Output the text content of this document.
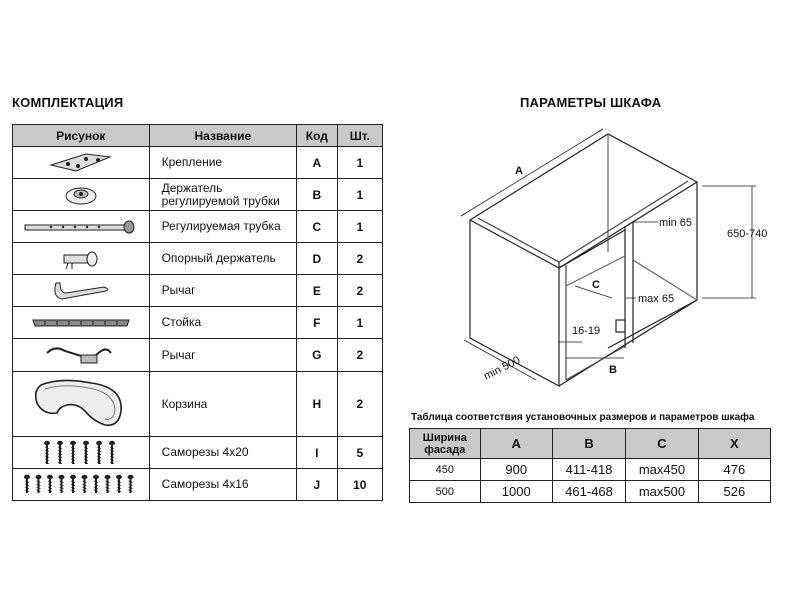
КОМПЛЕКТАЦИЯ	ПАРАМЕТРЫ ШКАФА
Рисунок	Название	Код	Шт.

	Крепление	A	1

	Держатель
регулируемой трубки	B	1

	Регулируемая трубка	C	1

	Опорный держатель	D	2

	Рычаг	E	2

	Стойка	F	1

	Рычаг	G	2

	Корзина	H	2

	Саморезы 4х20	I	5

	Саморезы 4х16	J	10
A
min 65
650-740
C
max 65
16-19
B
min 500
Таблица соответствия установочных размеров и параметров шкафа
Ширина
фасада	A	B	C	X
450	900	411-418	max450	476
500	1000	461-468	max500	526
